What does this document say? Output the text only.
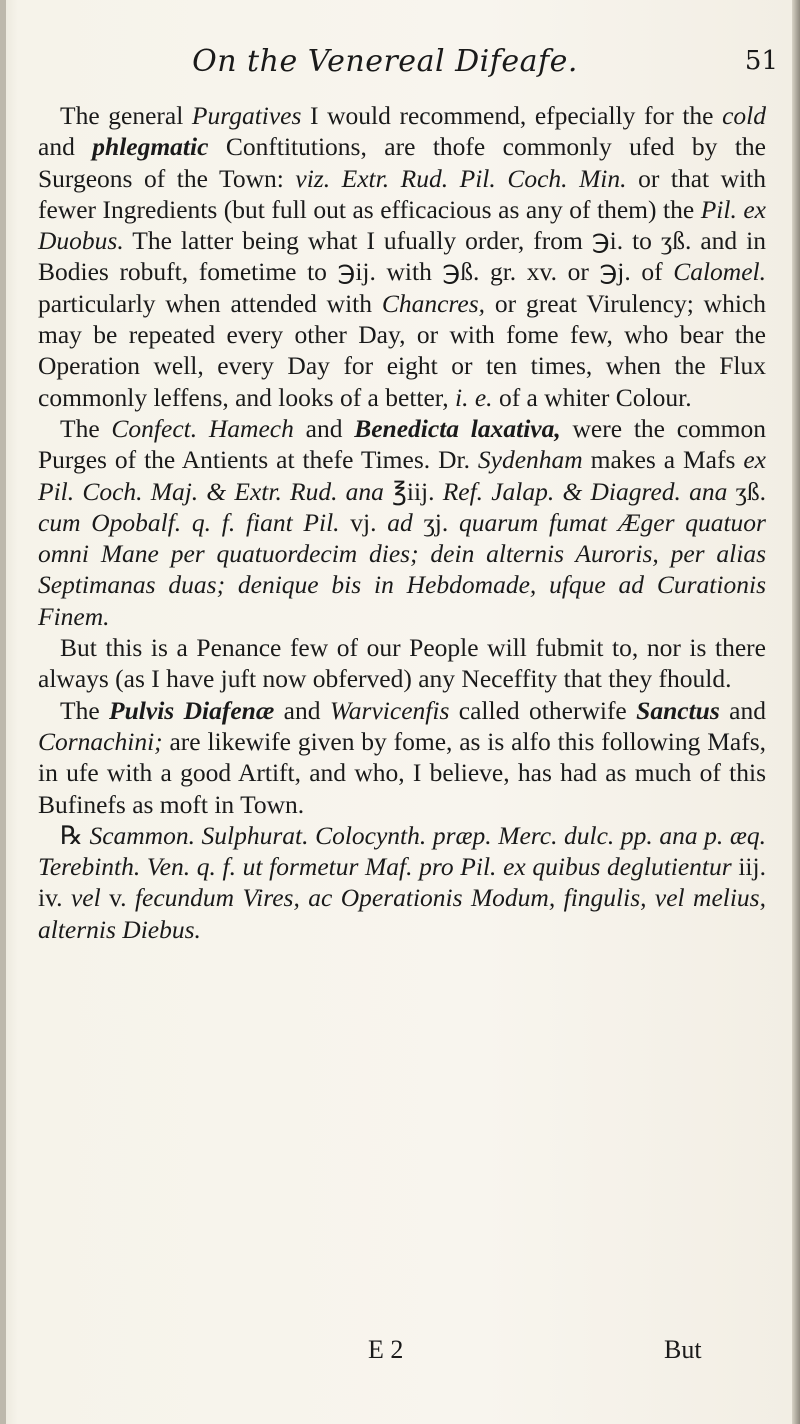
On the Venereal Difeafe.	51

The general Purgatives I would recommend, efpecially for the cold and phlegmatic Conftitutions, are thofe commonly ufed by the Surgeons of the Town: viz. Extr. Rud. Pil. Coch. Min. or that with fewer Ingredients (but full out as efficacious as any of them) the Pil. ex Duobus. The latter being what I ufually order, from ℈i. to ʒß. and in Bodies robuft, fometime to ℈ij. with ℈ß. gr. xv. or ℈j. of Calomel. particularly when attended with Chancres, or great Virulency; which may be repeated every other Day, or with fome few, who bear the Operation well, every Day for eight or ten times, when the Flux commonly leffens, and looks of a better, i. e. of a whiter Colour.

The Confect. Hamech and Benedicta laxativa, were the common Purges of the Antients at thefe Times. Dr. Sydenham makes a Mafs ex Pil. Coch. Maj. & Extr. Rud. ana ℥iij. Ref. Jalap. & Diagred. ana ʒß. cum Opobalf. q. f. fiant Pil. vj. ad ʒj. quarum fumat Æger quatuor omni Mane per quatuordecim dies; dein alternis Auroris, per alias Septimanas duas; denique bis in Hebdomade, ufque ad Curationis Finem.

But this is a Penance few of our People will fubmit to, nor is there always (as I have juft now obferved) any Neceffity that they fhould.

The Pulvis Diafenæ and Warvicenfis called otherwife Sanctus and Cornachini; are likewife given by fome, as is alfo this following Mafs, in ufe with a good Artift, and who, I believe, has had as much of this Bufinefs as moft in Town.

℞ Scammon. Sulphurat. Colocynth. præp. Merc. dulc. pp. ana p. æq. Terebinth. Ven. q. f. ut formetur Maf. pro Pil. ex quibus deglutientur iij. iv. vel v. fecundum Vires, ac Operationis Modum, fingulis, vel melius, alternis Diebus.

E 2	But
